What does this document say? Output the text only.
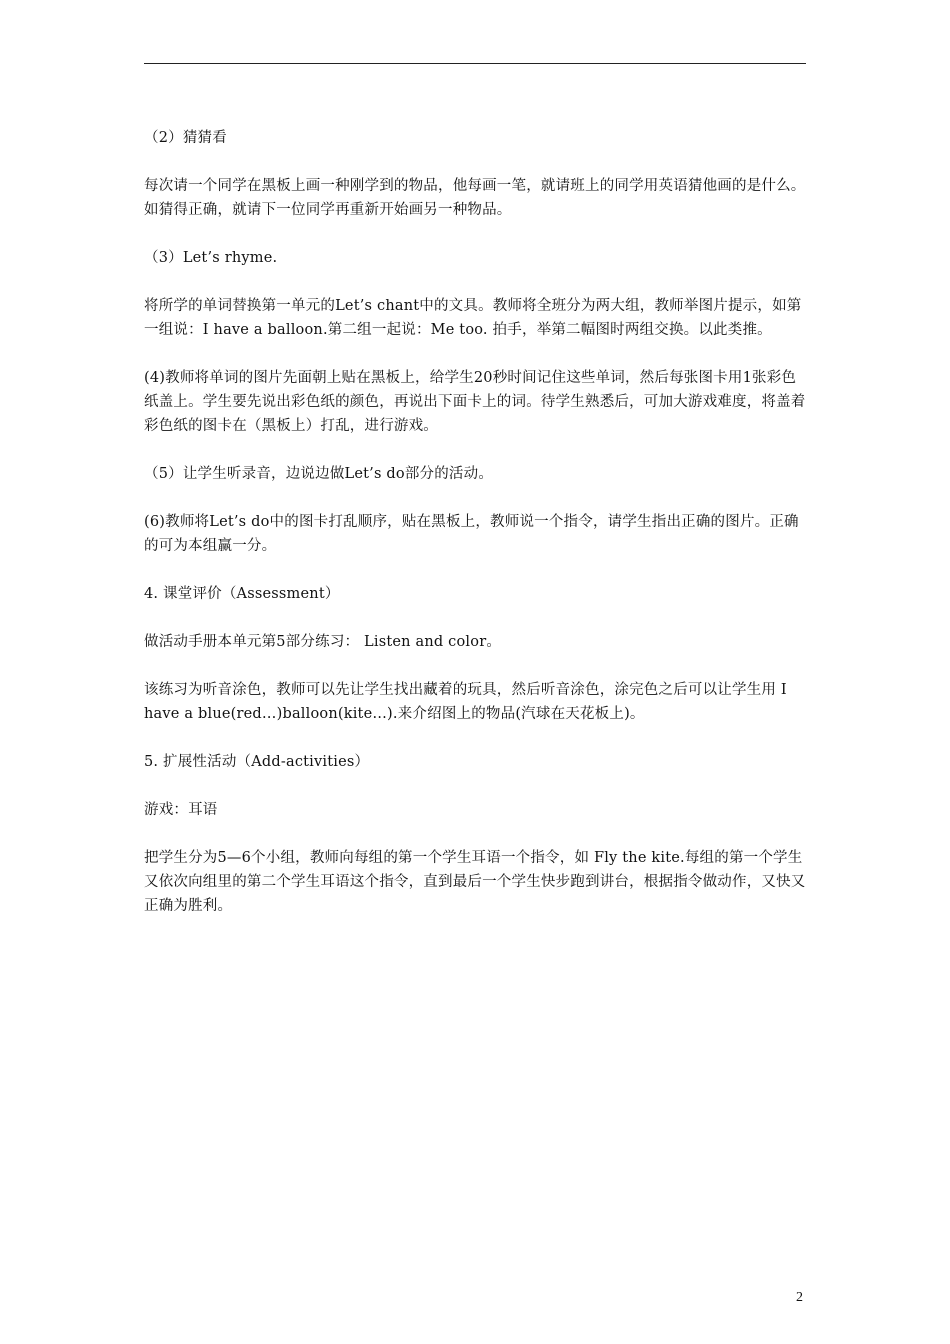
（2）猜猜看

每次请一个同学在黑板上画一种刚学到的物品，他每画一笔，就请班上的同学用英语猜他画的是什么。如猜得正确，就请下一位同学再重新开始画另一种物品。

（3）Let’s rhyme.

将所学的单词替换第一单元的Let’s chant中的文具。教师将全班分为两大组，教师举图片提示，如第一组说：I have a balloon.第二组一起说：Me too. 拍手，举第二幅图时两组交换。以此类推。

(4)教师将单词的图片先面朝上贴在黑板上，给学生20秒时间记住这些单词，然后每张图卡用1张彩色纸盖上。学生要先说出彩色纸的颜色，再说出下面卡上的词。待学生熟悉后，可加大游戏难度，将盖着彩色纸的图卡在（黑板上）打乱，进行游戏。

（5）让学生听录音，边说边做Let’s do部分的活动。

(6)教师将Let’s do中的图卡打乱顺序，贴在黑板上，教师说一个指令，请学生指出正确的图片。正确的可为本组赢一分。

4. 课堂评价（Assessment）

做活动手册本单元第5部分练习： Listen and color。

该练习为听音涂色，教师可以先让学生找出藏着的玩具，然后听音涂色，涂完色之后可以让学生用 I have a blue(red…)balloon(kite…).来介绍图上的物品(汽球在天花板上)。

5. 扩展性活动（Add-activities）

游戏：耳语

把学生分为5—6个小组，教师向每组的第一个学生耳语一个指令，如 Fly the kite.每组的第一个学生又依次向组里的第二个学生耳语这个指令，直到最后一个学生快步跑到讲台，根据指令做动作，又快又正确为胜利。

2
